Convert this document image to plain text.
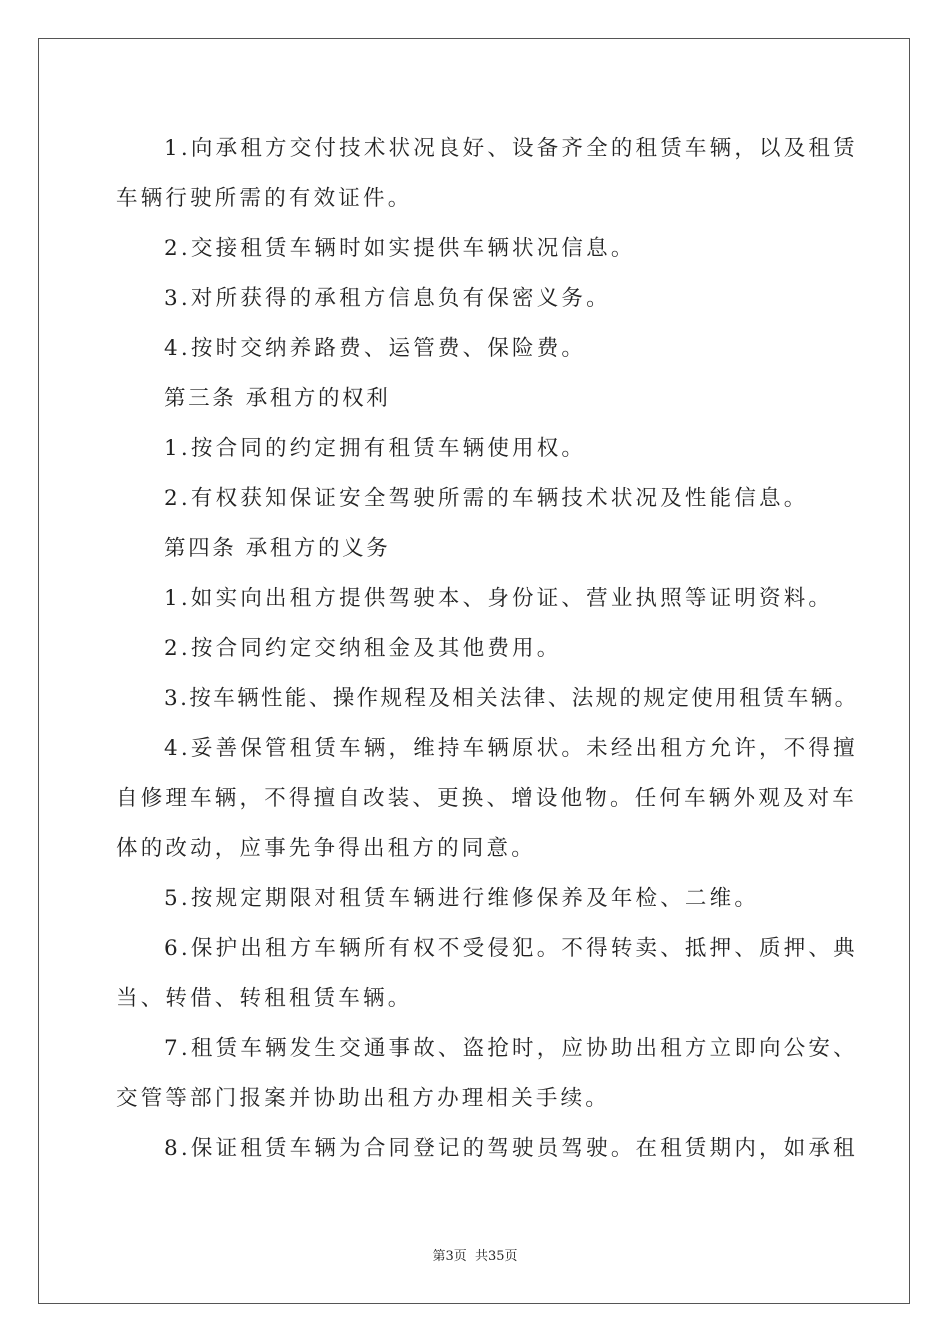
1.向承租方交付技术状况良好、设备齐全的租赁车辆，以及租赁
车辆行驶所需的有效证件。
2.交接租赁车辆时如实提供车辆状况信息。
3.对所获得的承租方信息负有保密义务。
4.按时交纳养路费、运管费、保险费。
第三条 承租方的权利
1.按合同的约定拥有租赁车辆使用权。
2.有权获知保证安全驾驶所需的车辆技术状况及性能信息。
第四条 承租方的义务
1.如实向出租方提供驾驶本、身份证、营业执照等证明资料。
2.按合同约定交纳租金及其他费用。
3.按车辆性能、操作规程及相关法律、法规的规定使用租赁车辆。
4.妥善保管租赁车辆，维持车辆原状。未经出租方允许，不得擅
自修理车辆，不得擅自改装、更换、增设他物。任何车辆外观及对车
体的改动，应事先争得出租方的同意。
5.按规定期限对租赁车辆进行维修保养及年检、二维。
6.保护出租方车辆所有权不受侵犯。不得转卖、抵押、质押、典
当、转借、转租租赁车辆。
7.租赁车辆发生交通事故、盗抢时，应协助出租方立即向公安、
交管等部门报案并协助出租方办理相关手续。
8.保证租赁车辆为合同登记的驾驶员驾驶。在租赁期内，如承租
第3页 共35页
